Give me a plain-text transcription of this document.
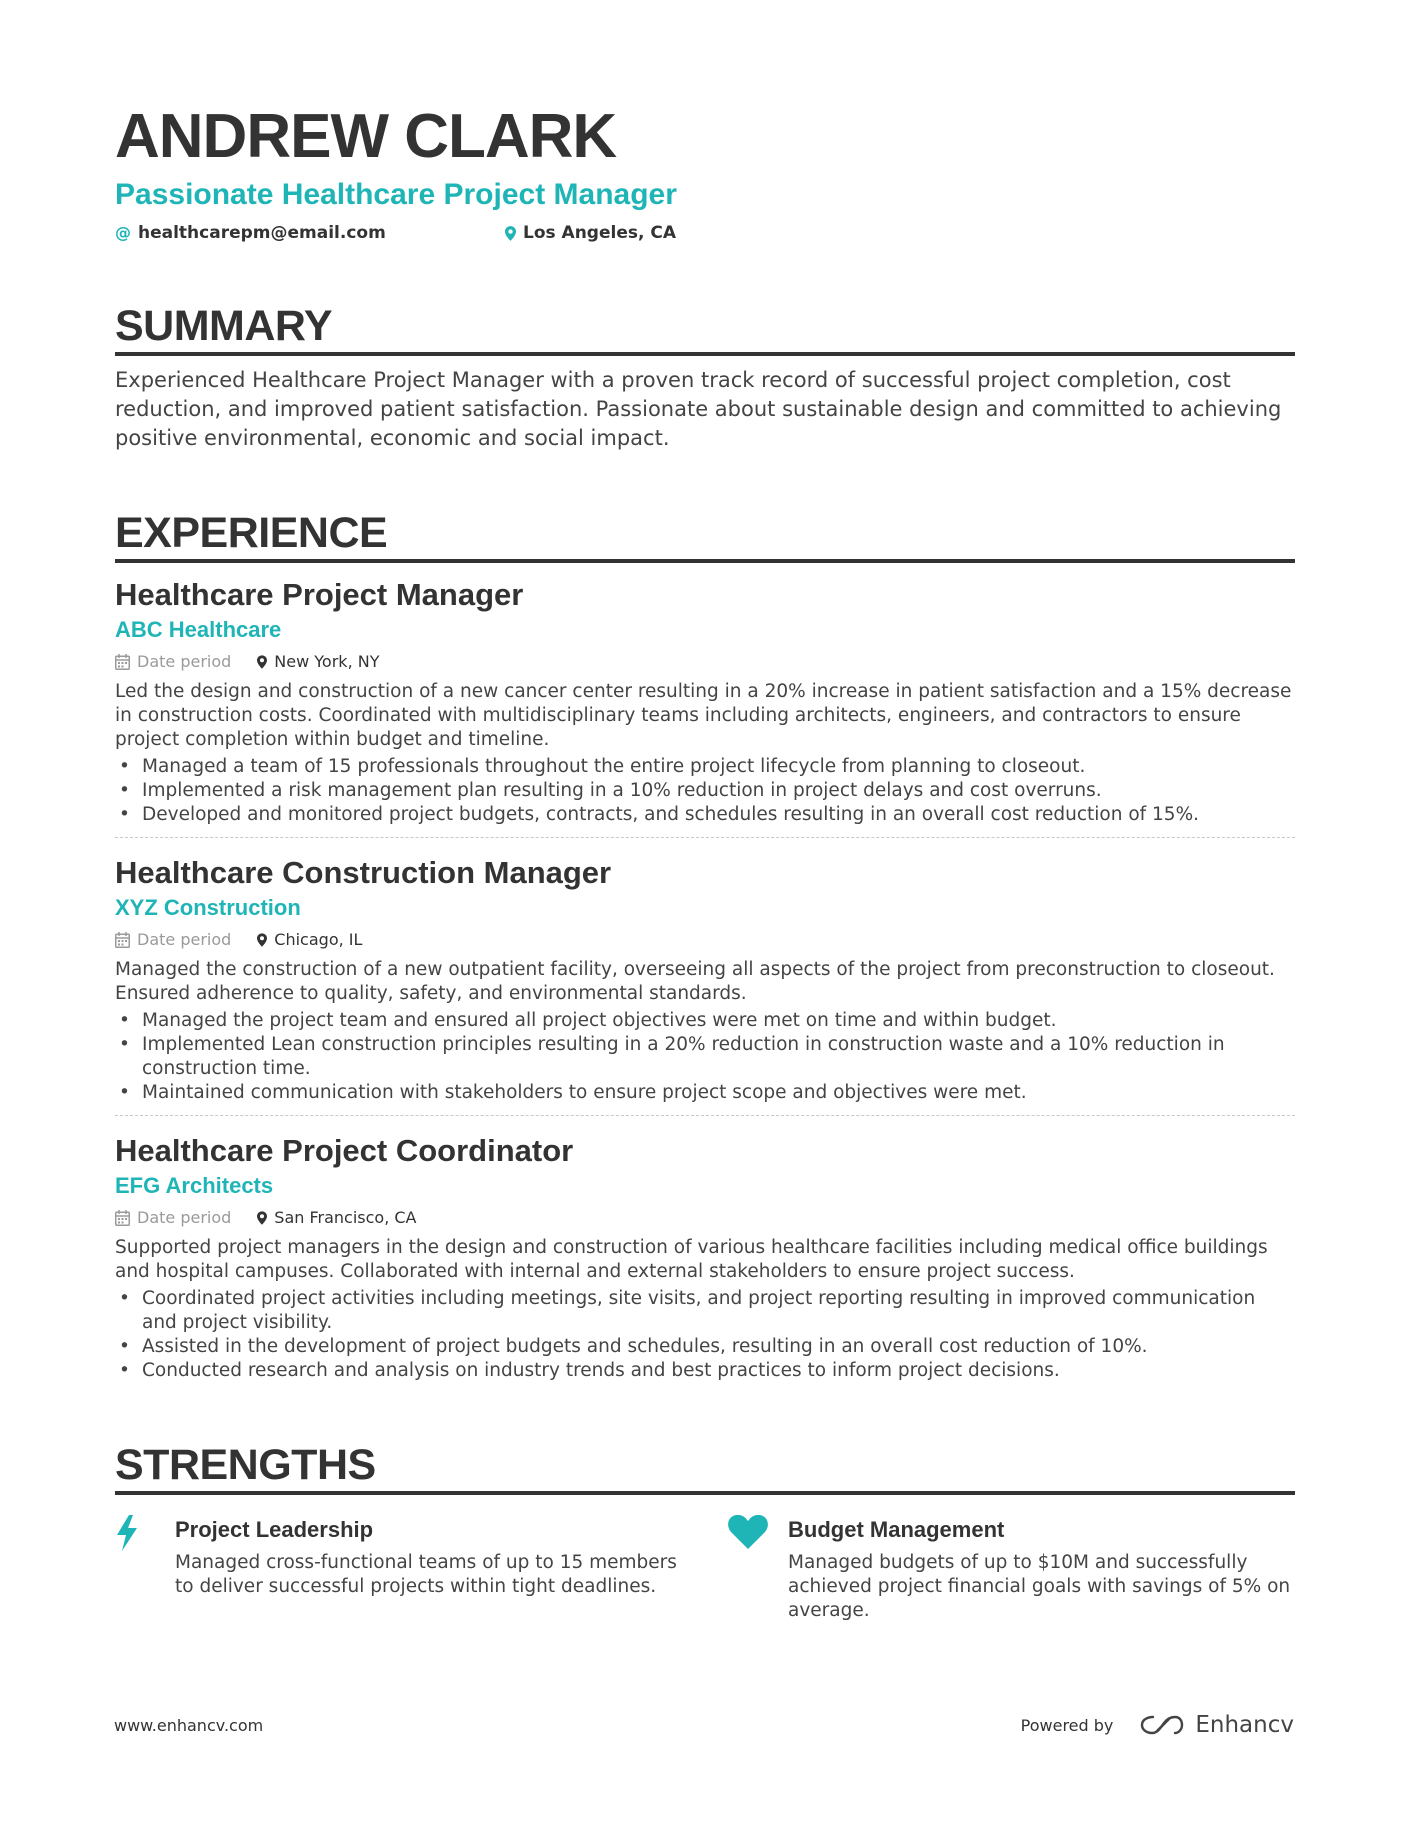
ANDREW CLARK

Passionate Healthcare Project Manager

@ healthcarepm@email.com	Los Angeles, CA
SUMMARY

Experienced Healthcare Project Manager with a proven track record of successful project completion, cost reduction, and improved patient satisfaction. Passionate about sustainable design and committed to achieving positive environmental, economic and social impact.

EXPERIENCE
Healthcare Project Manager

ABC Healthcare

Date period	New York, NY

Led the design and construction of a new cancer center resulting in a 20% increase in patient satisfaction and a 15% decrease in construction costs. Coordinated with multidisciplinary teams including architects, engineers, and contractors to ensure project completion within budget and timeline.

• Managed a team of 15 professionals throughout the entire project lifecycle from planning to closeout.
• Implemented a risk management plan resulting in a 10% reduction in project delays and cost overruns.
• Developed and monitored project budgets, contracts, and schedules resulting in an overall cost reduction of 15%.
Healthcare Construction Manager

XYZ Construction

Date period	Chicago, IL

Managed the construction of a new outpatient facility, overseeing all aspects of the project from preconstruction to closeout. Ensured adherence to quality, safety, and environmental standards.

• Managed the project team and ensured all project objectives were met on time and within budget.
• Implemented Lean construction principles resulting in a 20% reduction in construction waste and a 10% reduction in construction time.
• Maintained communication with stakeholders to ensure project scope and objectives were met.
Healthcare Project Coordinator

EFG Architects

Date period	San Francisco, CA

Supported project managers in the design and construction of various healthcare facilities including medical office buildings and hospital campuses. Collaborated with internal and external stakeholders to ensure project success.

• Coordinated project activities including meetings, site visits, and project reporting resulting in improved communication and project visibility.
• Assisted in the development of project budgets and schedules, resulting in an overall cost reduction of 10%.
• Conducted research and analysis on industry trends and best practices to inform project decisions.
STRENGTHS

Project Leadership

Managed cross-functional teams of up to 15 members to deliver successful projects within tight deadlines.

Budget Management

Managed budgets of up to $10M and successfully achieved project financial goals with savings of 5% on average.

www.enhancv.com	Powered by	Enhancv
